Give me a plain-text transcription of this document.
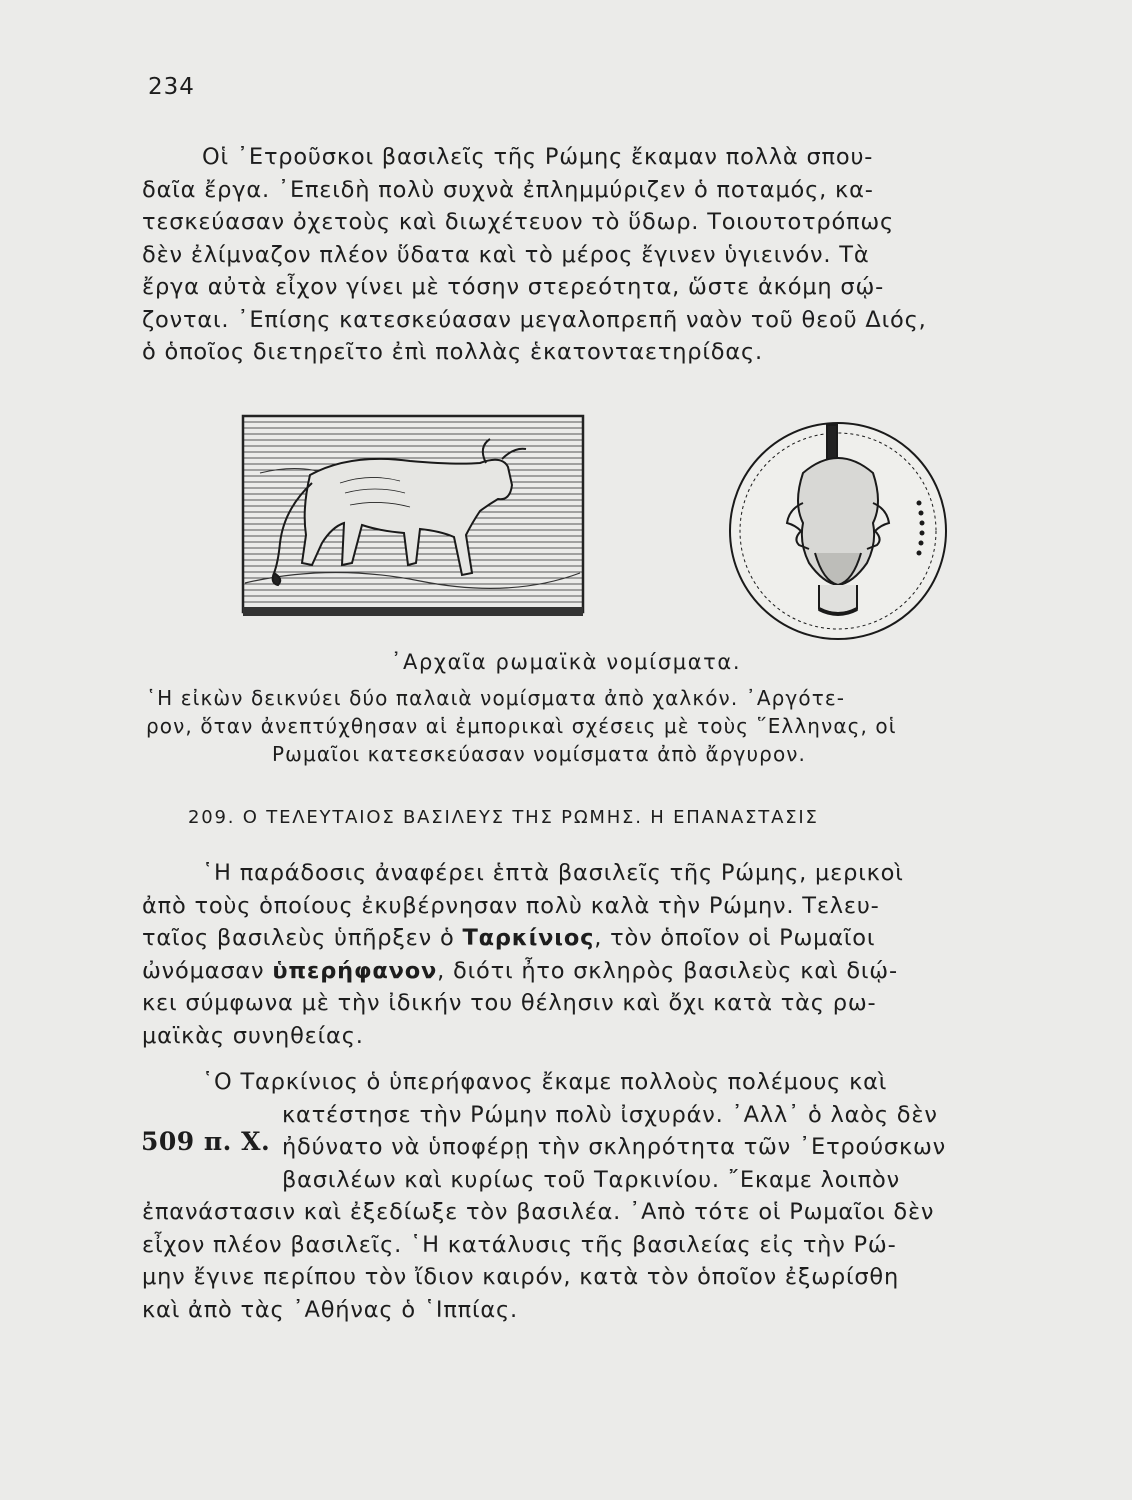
234
Οἱ ᾿Ετροῦσκοι βασιλεῖς τῆς Ρώμης ἔκαμαν πολλὰ σπου-
δαῖα ἔργα. ᾿Επειδὴ πολὺ συχνὰ ἐπλημμύριζεν ὁ ποταμός, κα-
τεσκεύασαν ὀχετοὺς καὶ διωχέτευον τὸ ὕδωρ. Τοιουτοτρόπως
δὲν ἐλίμναζον πλέον ὕδατα καὶ τὸ μέρος ἔγινεν ὑγιεινόν. Τὰ
ἔργα αὐτὰ εἶχον γίνει μὲ τόσην στερεότητα, ὥστε ἀκόμη σῴ-
ζονται. ᾿Επίσης κατεσκεύασαν μεγαλοπρεπῆ ναὸν τοῦ θεοῦ Διός,
ὁ ὁποῖος διετηρεῖτο ἐπὶ πολλὰς ἑκατονταετηρίδας.
᾿Αρχαῖα ρωμαϊκὰ νομίσματα.
῾Η εἰκὼν δεικνύει δύο παλαιὰ νομίσματα ἀπὸ χαλκόν. ᾿Αργότε-
ρον, ὅταν ἀνεπτύχθησαν αἱ ἐμπορικαὶ σχέσεις μὲ τοὺς ῞Ελληνας, οἱ
Ρωμαῖοι κατεσκεύασαν νομίσματα ἀπὸ ἄργυρον.
209. Ο ΤΕΛΕΥΤΑΙΟΣ ΒΑΣΙΛΕΥΣ ΤΗΣ ΡΩΜΗΣ. Η ΕΠΑΝΑΣΤΑΣΙΣ
῾Η παράδοσις ἀναφέρει ἑπτὰ βασιλεῖς τῆς Ρώμης, μερικοὶ
ἀπὸ τοὺς ὁποίους ἐκυβέρνησαν πολὺ καλὰ τὴν Ρώμην. Τελευ-
ταῖος βασιλεὺς ὑπῆρξεν ὁ Ταρκίνιος, τὸν ὁποῖον οἱ Ρωμαῖοι
ὠνόμασαν ὑπερήφανον, διότι ἦτο σκληρὸς βασιλεὺς καὶ διῴ-
κει σύμφωνα μὲ τὴν ἰδικήν του θέλησιν καὶ ὄχι κατὰ τὰς ρω-
μαϊκὰς συνηθείας.
῾Ο Ταρκίνιος ὁ ὑπερήφανος ἔκαμε πολλοὺς πολέμους καὶ
κατέστησε τὴν Ρώμην πολὺ ἰσχυράν. ᾿Αλλ᾿ ὁ λαὸς δὲν
ἠδύνατο νὰ ὑποφέρῃ τὴν σκληρότητα τῶν ᾿Ετρούσκων
βασιλέων καὶ κυρίως τοῦ Ταρκινίου. ῎Εκαμε λοιπὸν
ἐπανάστασιν καὶ ἐξεδίωξε τὸν βασιλέα. ᾿Απὸ τότε οἱ Ρωμαῖοι δὲν
εἶχον πλέον βασιλεῖς. ῾Η κατάλυσις τῆς βασιλείας εἰς τὴν Ρώ-
μην ἔγινε περίπου τὸν ἴδιον καιρόν, κατὰ τὸν ὁποῖον ἐξωρίσθη
καὶ ἀπὸ τὰς ᾿Αθήνας ὁ ῾Ιππίας.
509 π. Χ.
